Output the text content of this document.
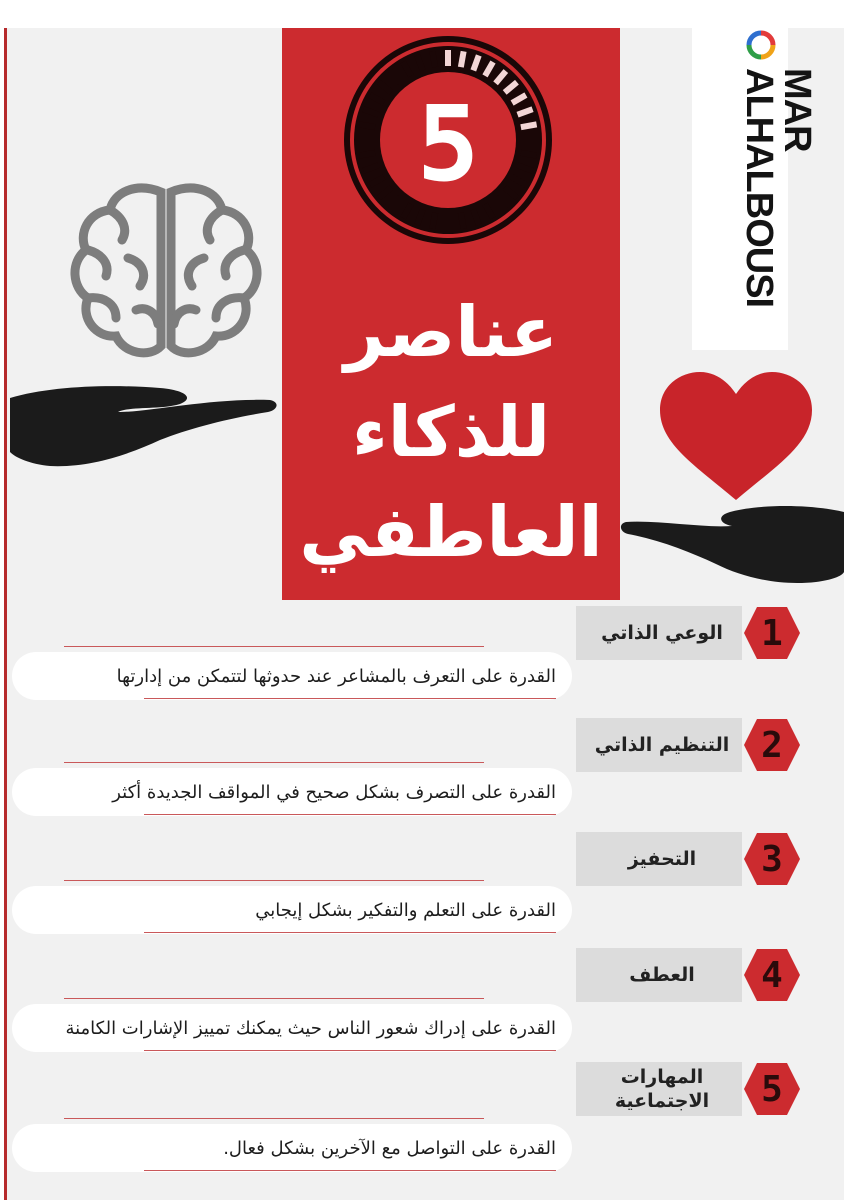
5
عناصر
للذكاء
العاطفي
MAR
ALHALBOUSI
الوعي الذاتي	1
القدرة على التعرف بالمشاعر عند حدوثها لتتمكن من إدارتها
التنظيم الذاتي 2
القدرة على التصرف بشكل صحيح في المواقف الجديدة أكثر
التحفيز	3
القدرة على التعلم والتفكير بشكل إيجابي
العطف	4
القدرة على إدراك شعور الناس حيث يمكنك تمييز الإشارات الكامنة
المهارات الاجتماعية	5
القدرة على التواصل مع الآخرين بشكل فعال.
